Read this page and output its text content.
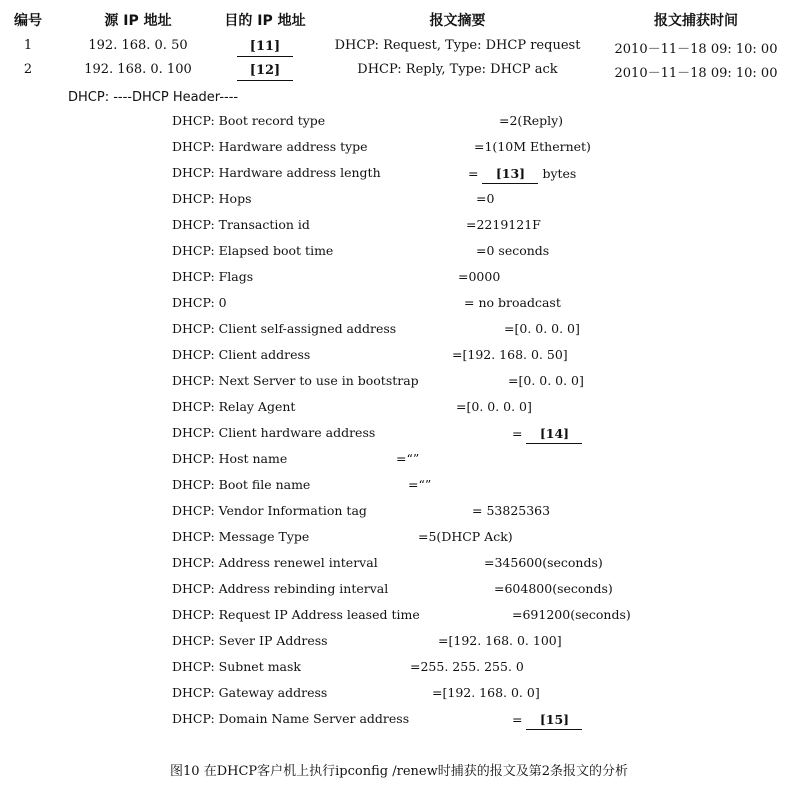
编号	源 IP 地址	目的 IP 地址	报文摘要	报文捕获时间
1	192. 168. 0. 50	[11]	DHCP: Request, Type: DHCP request	2010－11－18 09: 10: 00
2	192. 168. 0. 100	[12]	DHCP: Reply, Type: DHCP ack	2010－11－18 09: 10: 00
DHCP: ----DHCP Header----
DHCP: Boot record type	=2(Reply)
DHCP: Hardware address type	=1(10M Ethernet)
DHCP: Hardware address length	= [13] bytes
DHCP: Hops	=0
DHCP: Transaction id	=2219121F
DHCP: Elapsed boot time	=0 seconds
DHCP: Flags	=0000
DHCP: 0	= no broadcast
DHCP: Client self-assigned address	=[0. 0. 0. 0]
DHCP: Client address	=[192. 168. 0. 50]
DHCP: Next Server to use in bootstrap	=[0. 0. 0. 0]
DHCP: Relay Agent	=[0. 0. 0. 0]
DHCP: Client hardware address	= [14]
DHCP: Host name	=“”
DHCP: Boot file name	=“”
DHCP: Vendor Information tag	= 53825363
DHCP: Message Type	=5(DHCP Ack)
DHCP: Address renewel interval	=345600(seconds)
DHCP: Address rebinding interval	=604800(seconds)
DHCP: Request IP Address leased time	=691200(seconds)
DHCP: Sever IP Address	=[192. 168. 0. 100]
DHCP: Subnet mask	=255. 255. 255. 0
DHCP: Gateway address	=[192. 168. 0. 0]
DHCP: Domain Name Server address	= [15]
图10 在DHCP客户机上执行ipconfig /renew时捕获的报文及第2条报文的分析
